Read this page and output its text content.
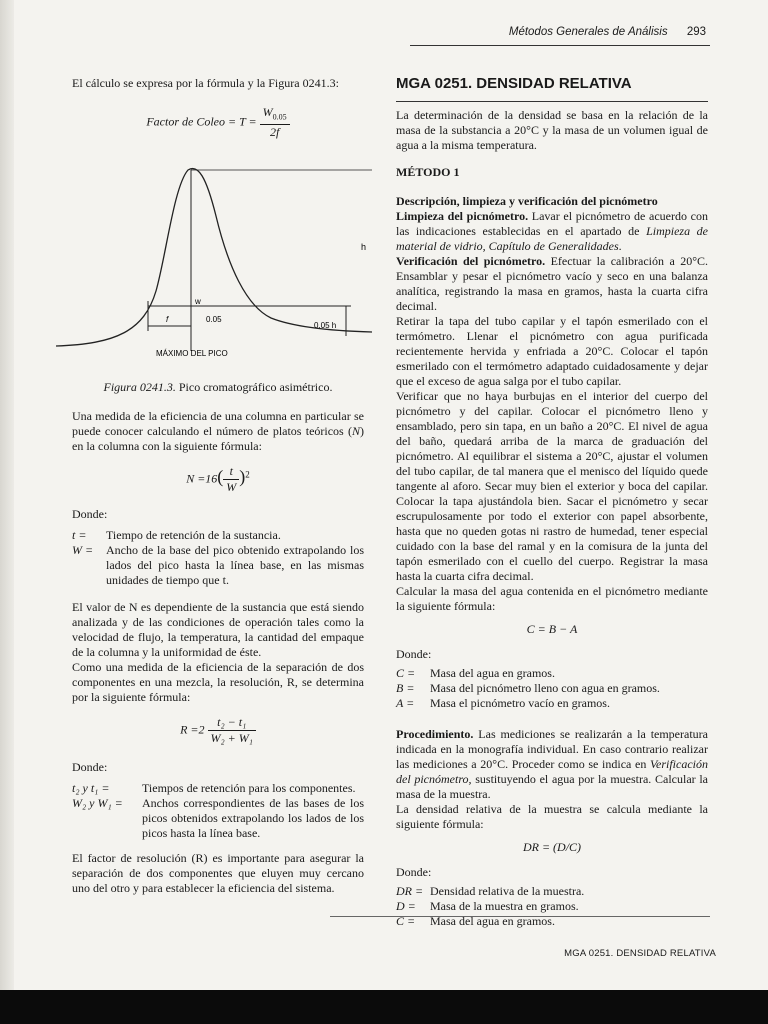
Métodos Generales de Análisis 293

El cálculo se expresa por la fórmula y la Figura 0241.3:

Factor de Coleo = $T = \frac{W_{0.05}}{2f}$
h
w
f	0.05
0.05 h
MÁXIMO DEL PICO

Figura 0241.3. Pico cromatográfico asimétrico.

Una medida de la eficiencia de una columna en particular se puede conocer calculando el número de platos teóricos (N) en la columna con la siguiente fórmula:

$N =16( \frac{t}{W} )^2$

Donde:

t =	Tiempo de retención de la sustancia.
W =	Ancho de la base del pico obtenido extrapolando los lados del pico hasta la línea base, en las mismas unidades de tiempo que t.

El valor de N es dependiente de la sustancia que está siendo analizada y de las condiciones de operación tales como la velocidad de flujo, la temperatura, la cantidad del empaque de la columna y la uniformidad de éste.

Como una medida de la eficiencia de la separación de dos componentes en una mezcla, la resolución, R, se determina por la siguiente fórmula:

$R =2 \frac{\text{t₂ − t₁}}{\text{W₂ + W₁}}$

Donde:

t₂ y t₁ =	Tiempos de retención para los componentes.
W₂ y W₁ =	Anchos correspondientes de las bases de los picos obtenidos extrapolando los lados de los picos hasta la línea base.

El factor de resolución (R) es importante para asegurar la separación de dos componentes que eluyen muy cercano uno del otro y para establecer la eficiencia del sistema.

MGA 0251. DENSIDAD RELATIVA

La determinación de la densidad se basa en la relación de la masa de la substancia a 20°C y la masa de un volumen igual de agua a la misma temperatura.

MÉTODO 1

Descripción, limpieza y verificación del picnómetro

Limpieza del picnómetro. Lavar el picnómetro de acuerdo con las indicaciones establecidas en el apartado de Limpieza de material de vidrio, Capítulo de Generalidades.

Verificación del picnómetro. Efectuar la calibración a 20°C. Ensamblar y pesar el picnómetro vacío y seco en una balanza analítica, registrando la masa en gramos, hasta la cuarta cifra decimal.

Retirar la tapa del tubo capilar y el tapón esmerilado con el termómetro. Llenar el picnómetro con agua purificada recientemente hervida y enfriada a 20°C. Colocar el tapón esmerilado con el termómetro adaptado cuidadosamente y dejar que el exceso de agua salga por el tubo capilar.

Verificar que no haya burbujas en el interior del cuerpo del picnómetro y del capilar. Colocar el picnómetro lleno y ensamblado, pero sin tapa, en un baño a 20°C. El nivel de agua del baño, quedará arriba de la marca de graduación del picnómetro. Al equilibrar el sistema a 20°C, ajustar el volumen del tubo capilar, de tal manera que el menisco del líquido quede tangente al aforo. Secar muy bien el exterior y boca del capilar. Colocar la tapa ajustándola bien. Sacar el picnómetro y secar escrupulosamente por todo el exterior con papel absorbente, hasta que no queden gotas ni rastro de humedad, tener especial cuidado con la base del ramal y en la comisura de la junta del tapón esmerilado con el cuello del cuerpo. Registrar la masa hasta la cuarta cifra decimal.

Calcular la masa del agua contenida en el picnómetro mediante la siguiente fórmula:

C = B − A

Donde:

C =	Masa del agua en gramos.
B =	Masa del picnómetro lleno con agua en gramos.
A =	Masa el picnómetro vacío en gramos.

Procedimiento. Las mediciones se realizarán a la temperatura indicada en la monografía individual. En caso contrario realizar las mediciones a 20°C. Proceder como se indica en Verificación del picnómetro, sustituyendo el agua por la muestra. Calcular la masa de la muestra.

La densidad relativa de la muestra se calcula mediante la siguiente fórmula:

DR = (D/C)

Donde:

DR = Densidad relativa de la muestra.
D =	Masa de la muestra en gramos.
C =	Masa del agua en gramos.
MGA 0251. DENSIDAD RELATIVA
